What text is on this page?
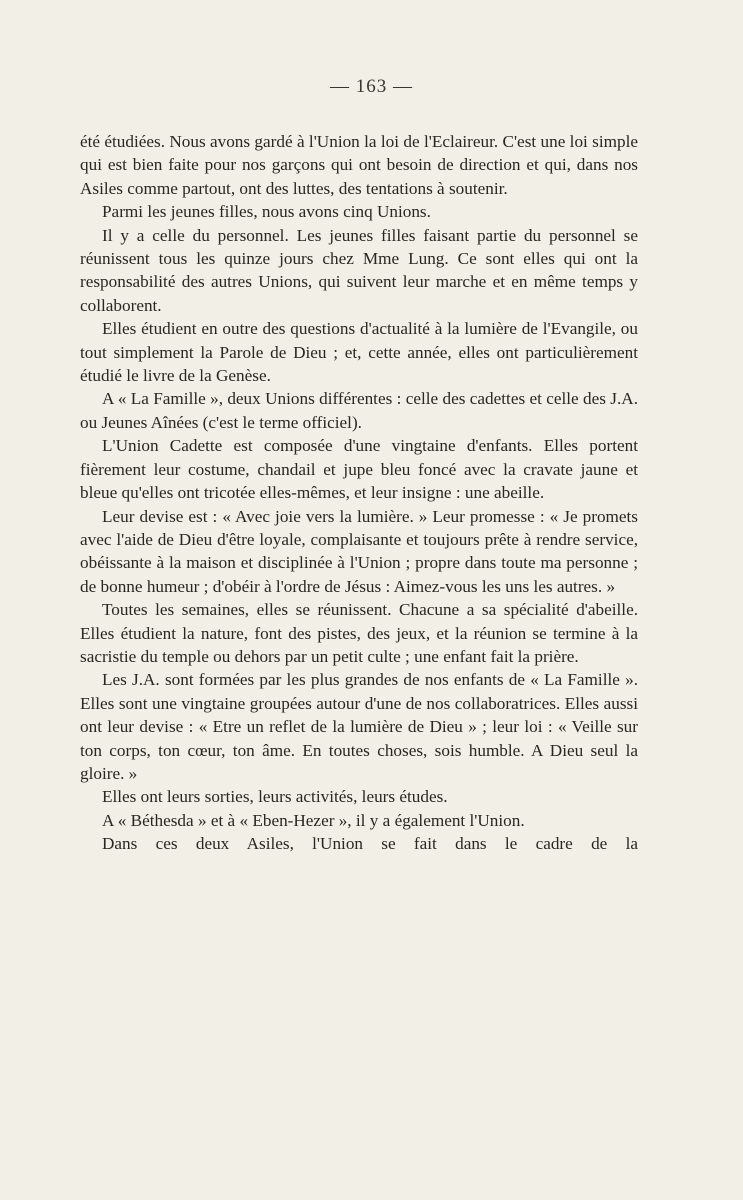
— 163 —

été étudiées. Nous avons gardé à l'Union la loi de l'Eclaireur. C'est une loi simple qui est bien faite pour nos garçons qui ont besoin de direction et qui, dans nos Asiles comme partout, ont des luttes, des tentations à soutenir.

Parmi les jeunes filles, nous avons cinq Unions.

Il y a celle du personnel. Les jeunes filles faisant partie du personnel se réunissent tous les quinze jours chez Mme Lung. Ce sont elles qui ont la responsabilité des autres Unions, qui suivent leur marche et en même temps y collaborent.

Elles étudient en outre des questions d'actualité à la lumière de l'Evangile, ou tout simplement la Parole de Dieu ; et, cette année, elles ont particulièrement étudié le livre de la Genèse.

A « La Famille », deux Unions différentes : celle des cadettes et celle des J.A. ou Jeunes Aînées (c'est le terme officiel).

L'Union Cadette est composée d'une vingtaine d'enfants. Elles portent fièrement leur costume, chandail et jupe bleu foncé avec la cravate jaune et bleue qu'elles ont tricotée elles-mêmes, et leur insigne : une abeille.

Leur devise est : « Avec joie vers la lumière. » Leur promesse : « Je promets avec l'aide de Dieu d'être loyale, complaisante et toujours prête à rendre service, obéissante à la maison et disciplinée à l'Union ; propre dans toute ma personne ; de bonne humeur ; d'obéir à l'ordre de Jésus : Aimez-vous les uns les autres. »

Toutes les semaines, elles se réunissent. Chacune a sa spécialité d'abeille. Elles étudient la nature, font des pistes, des jeux, et la réunion se termine à la sacristie du temple ou dehors par un petit culte ; une enfant fait la prière.

Les J.A. sont formées par les plus grandes de nos enfants de « La Famille ». Elles sont une vingtaine groupées autour d'une de nos collaboratrices. Elles aussi ont leur devise : « Etre un reflet de la lumière de Dieu » ; leur loi : « Veille sur ton corps, ton cœur, ton âme. En toutes choses, sois humble. A Dieu seul la gloire. »

Elles ont leurs sorties, leurs activités, leurs études.

A « Béthesda » et à « Eben-Hezer », il y a également l'Union.

Dans ces deux Asiles, l'Union se fait dans le cadre de la
